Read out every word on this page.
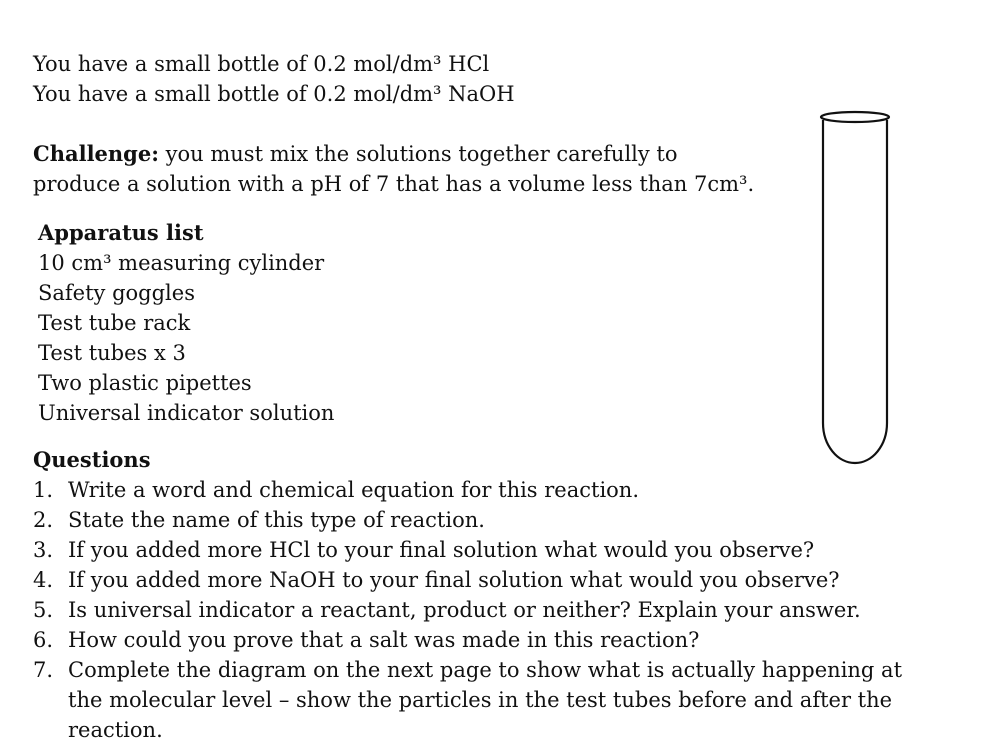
You have a small bottle of 0.2 mol/dm³ HCl
You have a small bottle of 0.2 mol/dm³ NaOH
Challenge: you must mix the solutions together carefully to
produce a solution with a pH of 7 that has a volume less than 7cm³.
Apparatus list
10 cm³ measuring cylinder
Safety goggles
Test tube rack
Test tubes x 3
Two plastic pipettes
Universal indicator solution
Questions
1. Write a word and chemical equation for this reaction.
2. State the name of this type of reaction.
3. If you added more HCl to your final solution what would you observe?
4. If you added more NaOH to your final solution what would you observe?
5. Is universal indicator a reactant, product or neither? Explain your answer.
6. How could you prove that a salt was made in this reaction?
7. Complete the diagram on the next page to show what is actually happening at
the molecular level – show the particles in the test tubes before and after the
reaction.
